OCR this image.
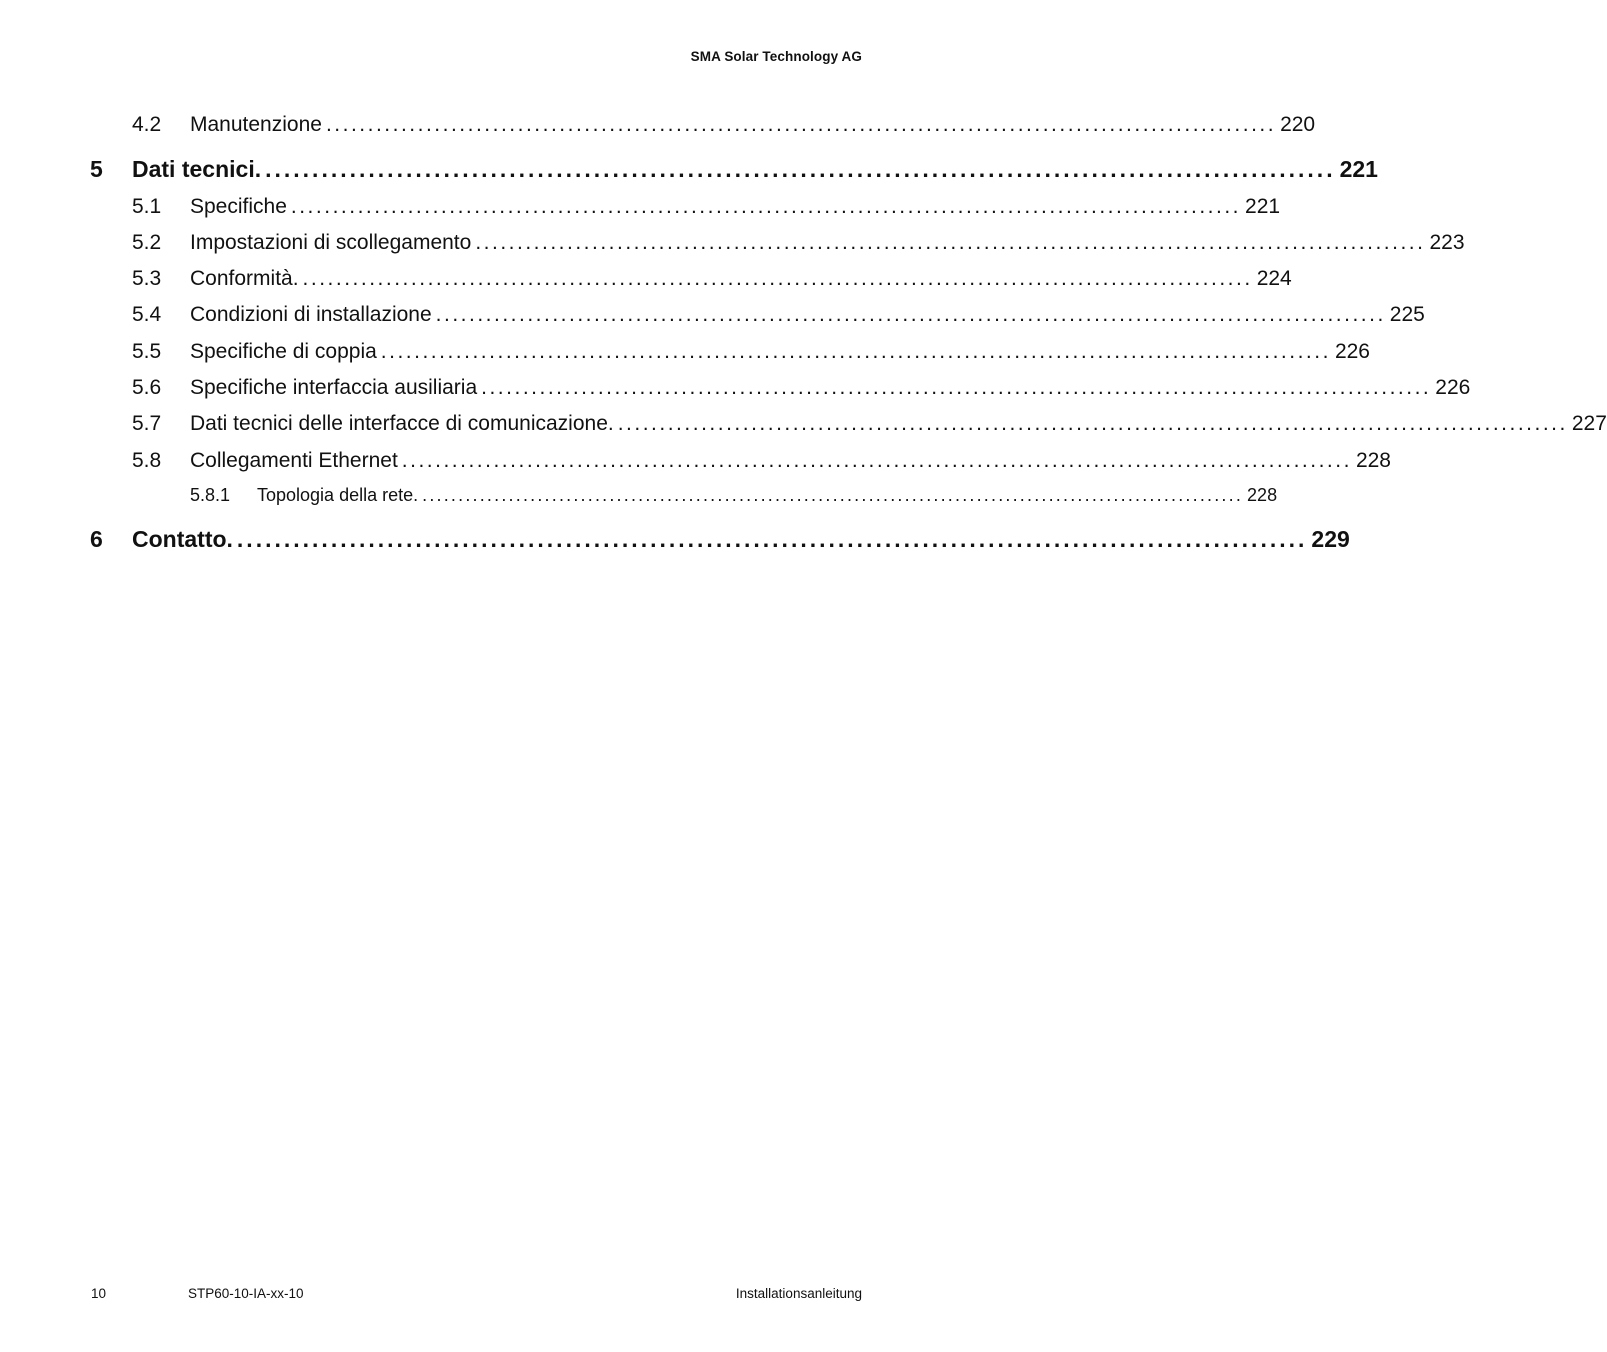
SMA Solar Technology AG
4.2 Manutenzione .................................................................................................................. 220
5 Dati tecnici. .................................................................................................................. 221
5.1 Specifiche .................................................................................................................. 221
5.2 Impostazioni di scollegamento .................................................................................................................. 223
5.3 Conformità. .................................................................................................................. 224
5.4 Condizioni di installazione .................................................................................................................. 225
5.5 Specifiche di coppia .................................................................................................................. 226
5.6 Specifiche interfaccia ausiliaria .................................................................................................................. 226
5.7 Dati tecnici delle interfacce di comunicazione. .................................................................................................................. 227
5.8 Collegamenti Ethernet .................................................................................................................. 228
5.8.1 Topologia della rete. .................................................................................................................. 228
6 Contatto. .................................................................................................................. 229
10	STP60-10-IA-xx-10	Installationsanleitung
